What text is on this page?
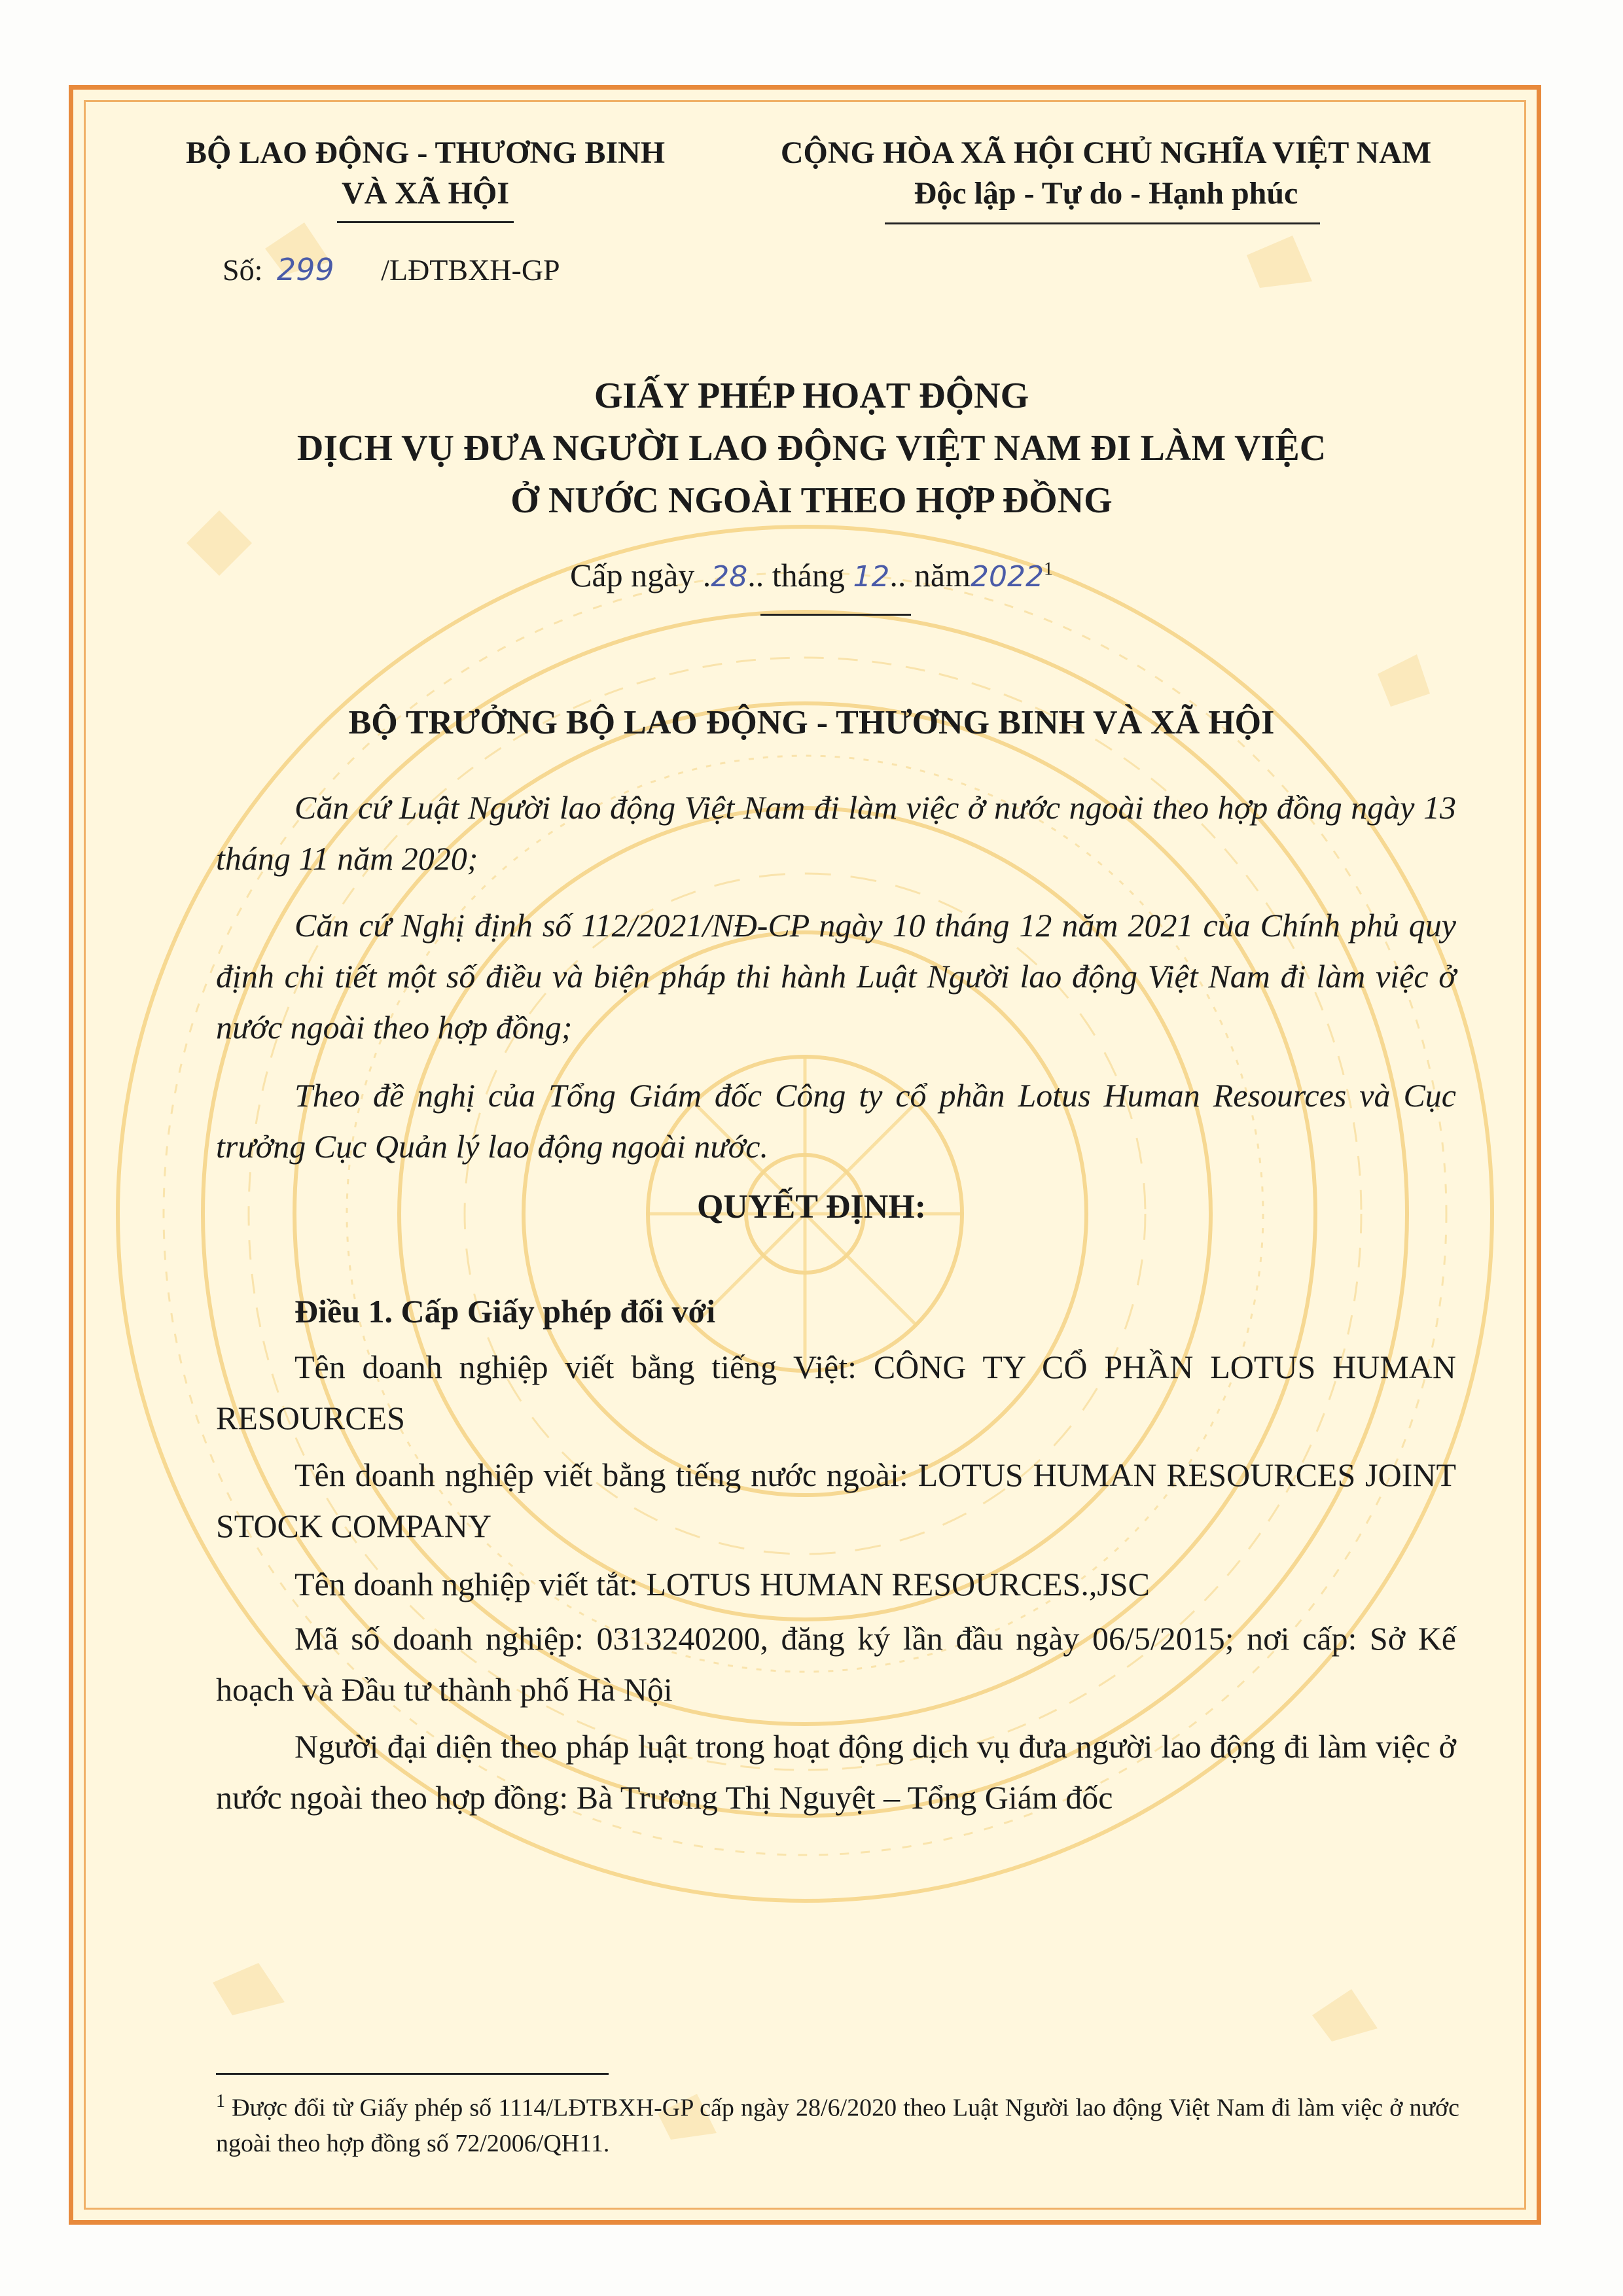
BỘ LAO ĐỘNG - THƯƠNG BINH
VÀ XÃ HỘI
CỘNG HÒA XÃ HỘI CHỦ NGHĨA VIỆT NAM
Độc lập - Tự do - Hạnh phúc
Số: 299 /LĐTBXH-GP
GIẤY PHÉP HOẠT ĐỘNG
DỊCH VỤ ĐƯA NGƯỜI LAO ĐỘNG VIỆT NAM ĐI LÀM VIỆC
Ở NƯỚC NGOÀI THEO HỢP ĐỒNG
Cấp ngày .28.. tháng 12.. năm2022$^1$
BỘ TRƯỞNG BỘ LAO ĐỘNG - THƯƠNG BINH VÀ XÃ HỘI
Căn cứ Luật Người lao động Việt Nam đi làm việc ở nước ngoài theo hợp đồng ngày 13 tháng 11 năm 2020;
Căn cứ Nghị định số 112/2021/NĐ-CP ngày 10 tháng 12 năm 2021 của Chính phủ quy định chi tiết một số điều và biện pháp thi hành Luật Người lao động Việt Nam đi làm việc ở nước ngoài theo hợp đồng;
Theo đề nghị của Tổng Giám đốc Công ty cổ phần Lotus Human Resources và Cục trưởng Cục Quản lý lao động ngoài nước.
QUYẾT ĐỊNH:
Điều 1. Cấp Giấy phép đối với
Tên doanh nghiệp viết bằng tiếng Việt: CÔNG TY CỔ PHẦN LOTUS HUMAN RESOURCES
Tên doanh nghiệp viết bằng tiếng nước ngoài: LOTUS HUMAN RESOURCES JOINT STOCK COMPANY
Tên doanh nghiệp viết tắt: LOTUS HUMAN RESOURCES.,JSC
Mã số doanh nghiệp: 0313240200, đăng ký lần đầu ngày 06/5/2015; nơi cấp: Sở Kế hoạch và Đầu tư thành phố Hà Nội
Người đại diện theo pháp luật trong hoạt động dịch vụ đưa người lao động đi làm việc ở nước ngoài theo hợp đồng: Bà Trương Thị Nguyệt – Tổng Giám đốc
$^1$ Được đổi từ Giấy phép số 1114/LĐTBXH-GP cấp ngày 28/6/2020 theo Luật Người lao động Việt Nam đi làm việc ở nước ngoài theo hợp đồng số 72/2006/QH11.
